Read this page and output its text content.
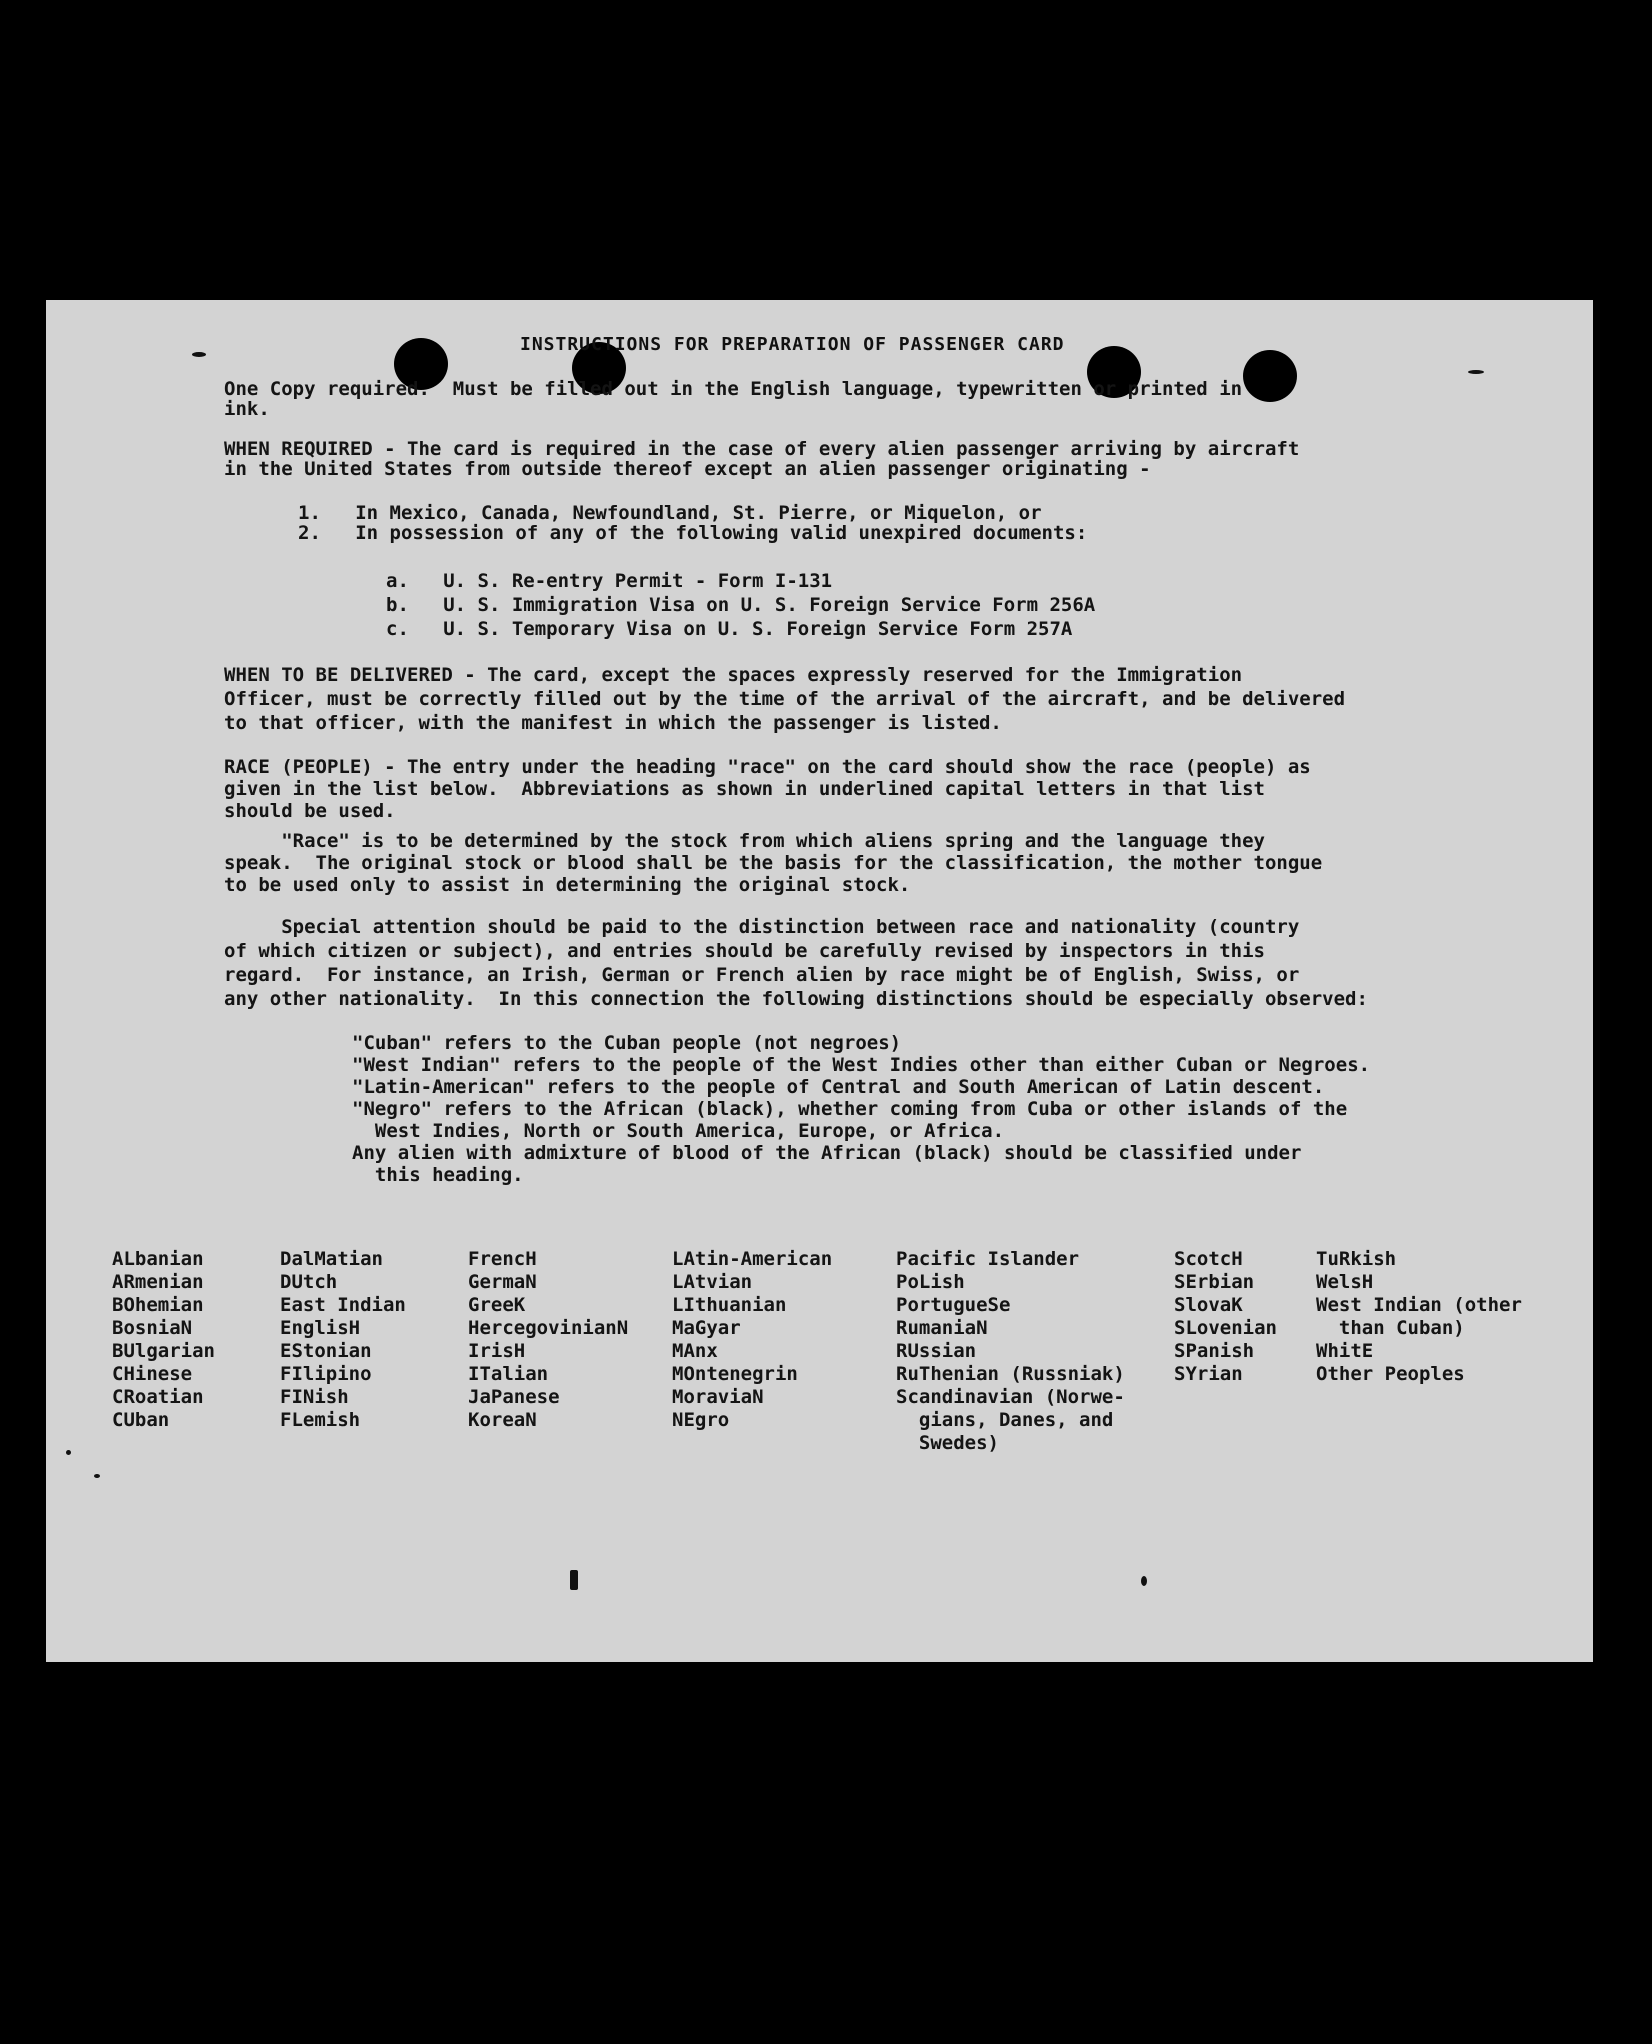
INSTRUCTIONS FOR PREPARATION OF PASSENGER CARD
One Copy required.  Must be filled out in the English language, typewritten or printed in
ink.
WHEN REQUIRED - The card is required in the case of every alien passenger arriving by aircraft
in the United States from outside thereof except an alien passenger originating -
1.   In Mexico, Canada, Newfoundland, St. Pierre, or Miquelon, or
2.   In possession of any of the following valid unexpired documents:
a.   U. S. Re-entry Permit - Form I-131
b.   U. S. Immigration Visa on U. S. Foreign Service Form 256A
c.   U. S. Temporary Visa on U. S. Foreign Service Form 257A
WHEN TO BE DELIVERED - The card, except the spaces expressly reserved for the Immigration
Officer, must be correctly filled out by the time of the arrival of the aircraft, and be delivered
to that officer, with the manifest in which the passenger is listed.
RACE (PEOPLE) - The entry under the heading "race" on the card should show the race (people) as
given in the list below.  Abbreviations as shown in underlined capital letters in that list
should be used.
"Race" is to be determined by the stock from which aliens spring and the language they
speak.  The original stock or blood shall be the basis for the classification, the mother tongue
to be used only to assist in determining the original stock.
Special attention should be paid to the distinction between race and nationality (country
of which citizen or subject), and entries should be carefully revised by inspectors in this
regard.  For instance, an Irish, German or French alien by race might be of English, Swiss, or
any other nationality.  In this connection the following distinctions should be especially observed:
"Cuban" refers to the Cuban people (not negroes)
"West Indian" refers to the people of the West Indies other than either Cuban or Negroes.
"Latin-American" refers to the people of Central and South American of Latin descent.
"Negro" refers to the African (black), whether coming from Cuba or other islands of the
West Indies, North or South America, Europe, or Africa.
Any alien with admixture of blood of the African (black) should be classified under
this heading.
ALbanian
ARmenian
BOhemian
BosniaN
BUlgarian
CHinese
CRoatian
CUban
DalMatian
DUtch
East Indian
EnglisH
EStonian
FIlipino
FINish
FLemish
FrencH
GermaN
GreeK
HercegovinianN
IrisH
ITalian
JaPanese
KoreaN
LAtin-American
LAtvian
LIthuanian
MaGyar
MAnx
MOntenegrin
MoraviaN
NEgro
Pacific Islander
PoLish
PortugueSe
RumaniaN
RUssian
RuThenian (Russniak)
Scandinavian (Norwe-
gians, Danes, and
Swedes)
ScotcH
SErbian
SlovaK
SLovenian
SPanish
SYrian
TuRkish
WelsH
West Indian (other
than Cuban)
WhitE
Other Peoples
